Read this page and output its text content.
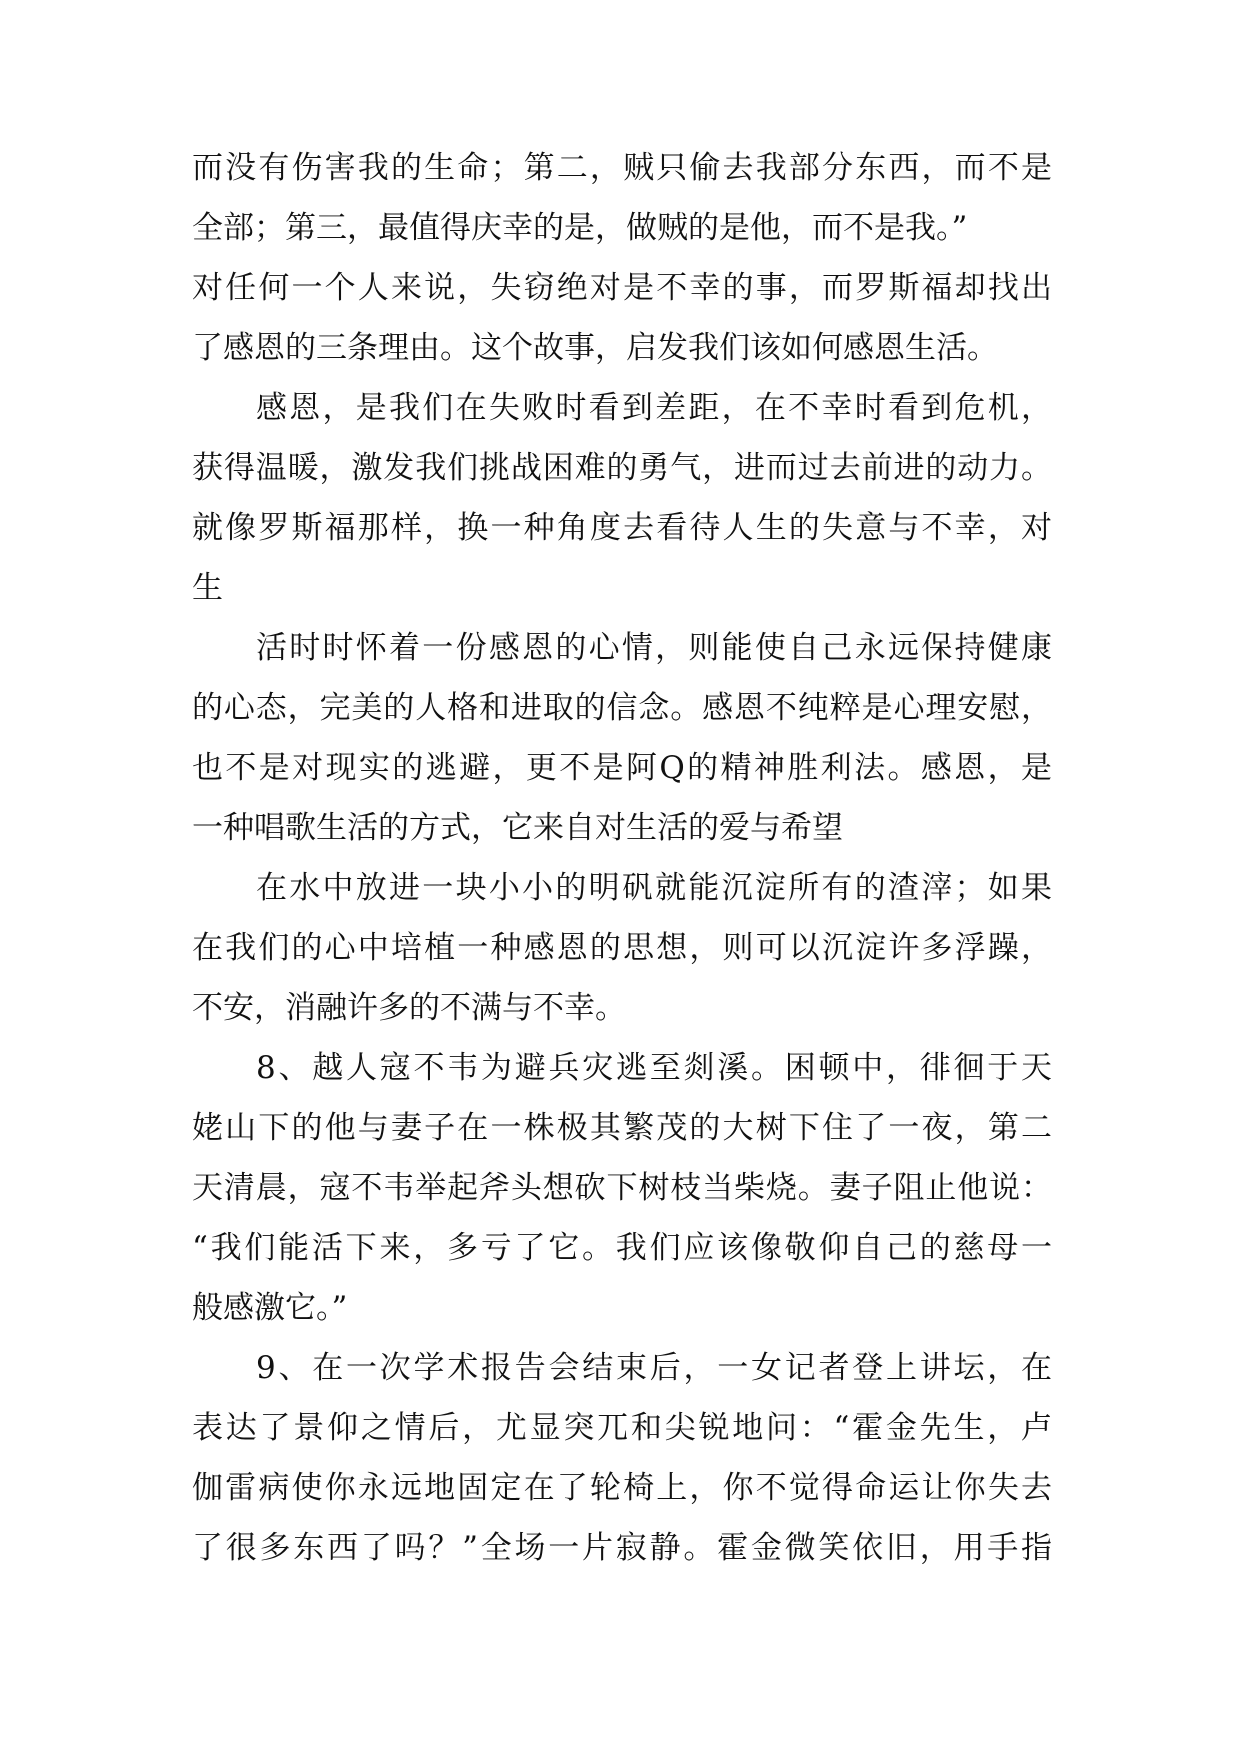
而没有伤害我的生命；第二，贼只偷去我部分东西，而不是
全部；第三，最值得庆幸的是，做贼的是他，而不是我。”
对任何一个人来说，失窃绝对是不幸的事，而罗斯福却找出
了感恩的三条理由。这个故事，启发我们该如何感恩生活。
感恩，是我们在失败时看到差距，在不幸时看到危机，
获得温暖，激发我们挑战困难的勇气，进而过去前进的动力。
就像罗斯福那样，换一种角度去看待人生的失意与不幸，对
生
活时时怀着一份感恩的心情，则能使自己永远保持健康
的心态，完美的人格和进取的信念。感恩不纯粹是心理安慰，
也不是对现实的逃避，更不是阿Q的精神胜利法。感恩，是
一种唱歌生活的方式，它来自对生活的爱与希望
在水中放进一块小小的明矾就能沉淀所有的渣滓；如果
在我们的心中培植一种感恩的思想，则可以沉淀许多浮躁，
不安，消融许多的不满与不幸。
8、越人寇不韦为避兵灾逃至剡溪。困顿中，徘徊于天
姥山下的他与妻子在一株极其繁茂的大树下住了一夜，第二
天清晨，寇不韦举起斧头想砍下树枝当柴烧。妻子阻止他说：
“我们能活下来，多亏了它。我们应该像敬仰自己的慈母一
般感激它。”
9、在一次学术报告会结束后，一女记者登上讲坛，在
表达了景仰之情后，尤显突兀和尖锐地问：“霍金先生，卢
伽雷病使你永远地固定在了轮椅上，你不觉得命运让你失去
了很多东西了吗？”全场一片寂静。霍金微笑依旧，用手指
